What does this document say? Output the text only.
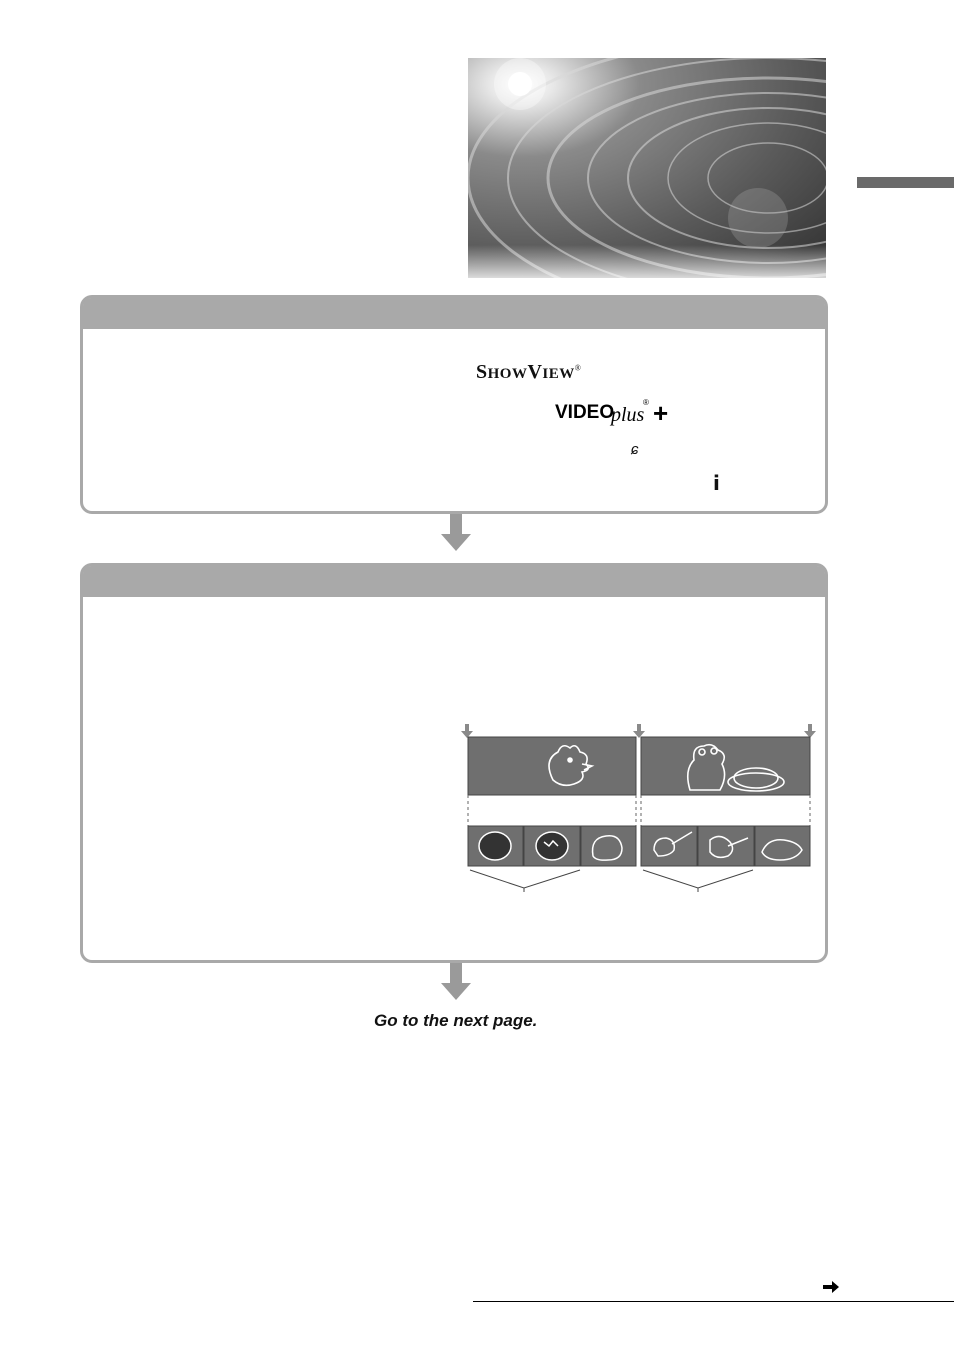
SHOWVIEW®
VIDEO
plus +
®
ɕ
i
Go to the next page.
